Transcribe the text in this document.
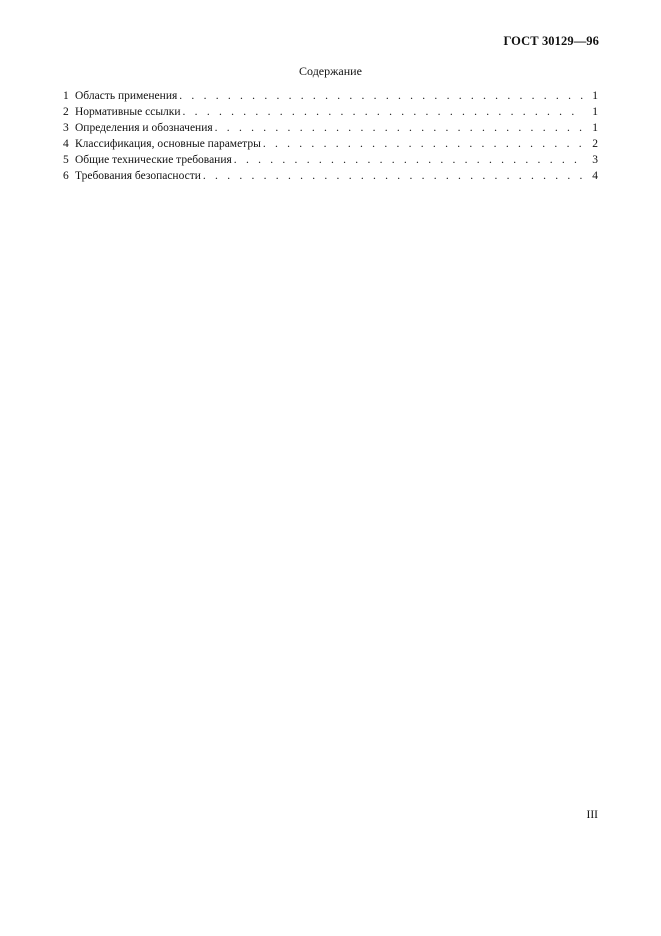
ГОСТ 30129—96
Содержание
1 Область применения . . .	1
2 Нормативные ссылки . . .	1
3 Определения и обозначения . . .	1
4 Классификация, основные параметры . . .	2
5 Общие технические требования . . .	3
6 Требования безопасности . . .	4
III
